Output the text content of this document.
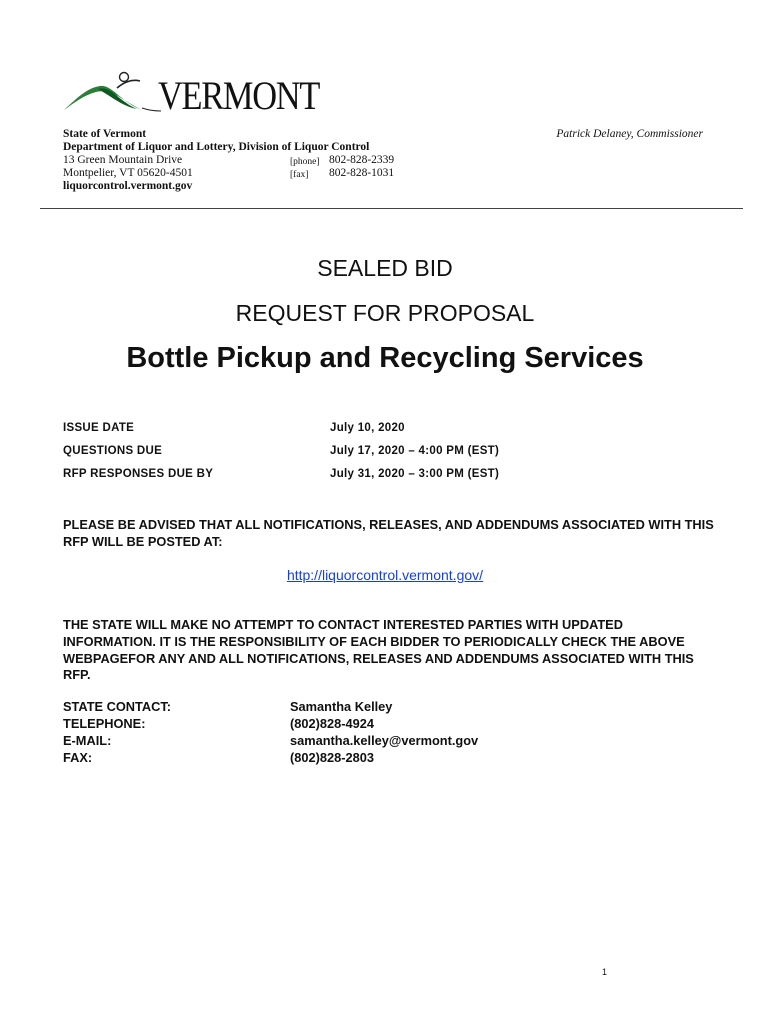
VERMONT
State of Vermont
Department of Liquor and Lottery, Division of Liquor Control
13 Green Mountain Drive
Montpelier, VT 05620-4501
liquorcontrol.vermont.gov
[phone] 802-828-2339
[fax] 802-828-1031
Patrick Delaney, Commissioner
SEALED BID
REQUEST FOR PROPOSAL
Bottle Pickup and Recycling Services
ISSUE DATE	July 10, 2020
QUESTIONS DUE	July 17, 2020 – 4:00 PM (EST)
RFP RESPONSES DUE BY	July 31, 2020 – 3:00 PM (EST)
PLEASE BE ADVISED THAT ALL NOTIFICATIONS, RELEASES, AND ADDENDUMS ASSOCIATED WITH THIS RFP WILL BE POSTED AT:
http://liquorcontrol.vermont.gov/
THE STATE WILL MAKE NO ATTEMPT TO CONTACT INTERESTED PARTIES WITH UPDATED INFORMATION. IT IS THE RESPONSIBILITY OF EACH BIDDER TO PERIODICALLY CHECK THE ABOVE WEBPAGEFOR ANY AND ALL NOTIFICATIONS, RELEASES AND ADDENDUMS ASSOCIATED WITH THIS RFP.
STATE CONTACT:	Samantha Kelley
TELEPHONE:	(802)828-4924
E-MAIL:	samantha.kelley@vermont.gov
FAX:	(802)828-2803
1
